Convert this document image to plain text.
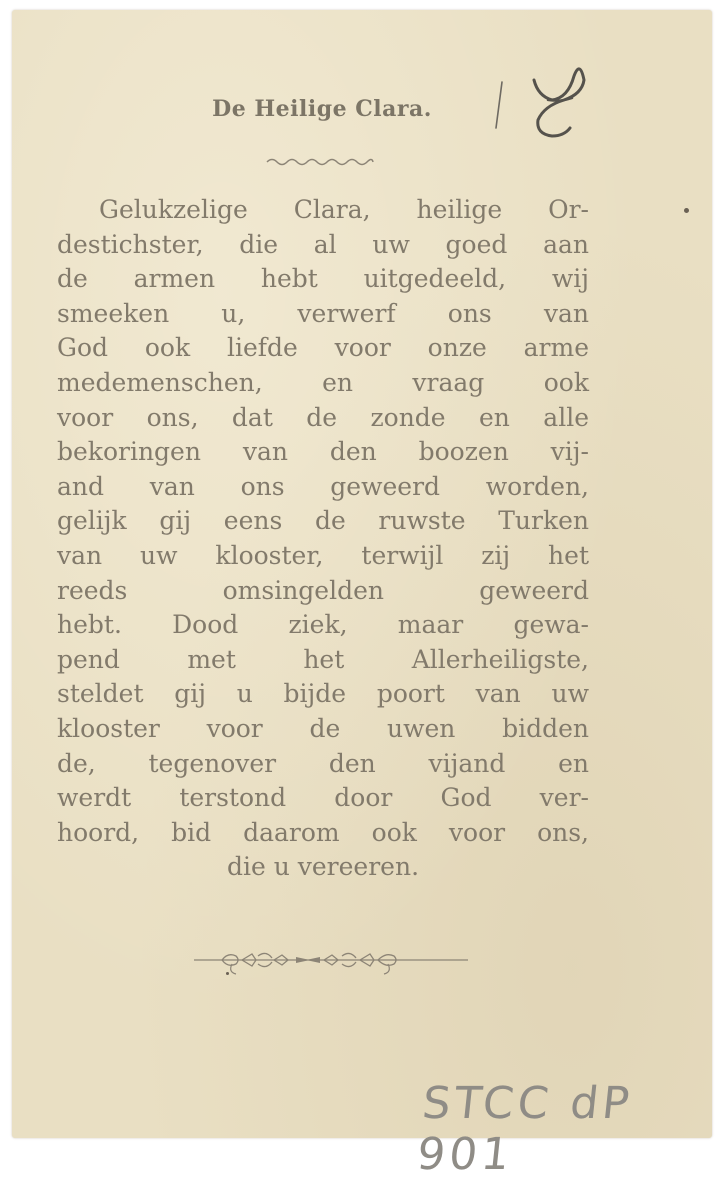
De Heilige Clara.
Gelukzelige Clara, heilige Or-
destichster, die al uw goed aan
de armen hebt uitgedeeld, wij
smeeken u, verwerf ons van
God ook liefde voor onze arme
medemenschen, en vraag ook
voor ons, dat de zonde en alle
bekoringen van den boozen vij-
and van ons geweerd worden,
gelijk gij eens de ruwste Turken
van uw klooster, terwijl zij het
reeds omsingelden geweerd
hebt. Dood ziek, maar gewa-
pend met het Allerheiligste,
steldet gij u bijde poort van uw
klooster voor de uwen bidden
de, tegenover den vijand en
werdt terstond door God ver-
hoord, bid daarom ook voor ons,
die u vereeren.
STCC dP 901
